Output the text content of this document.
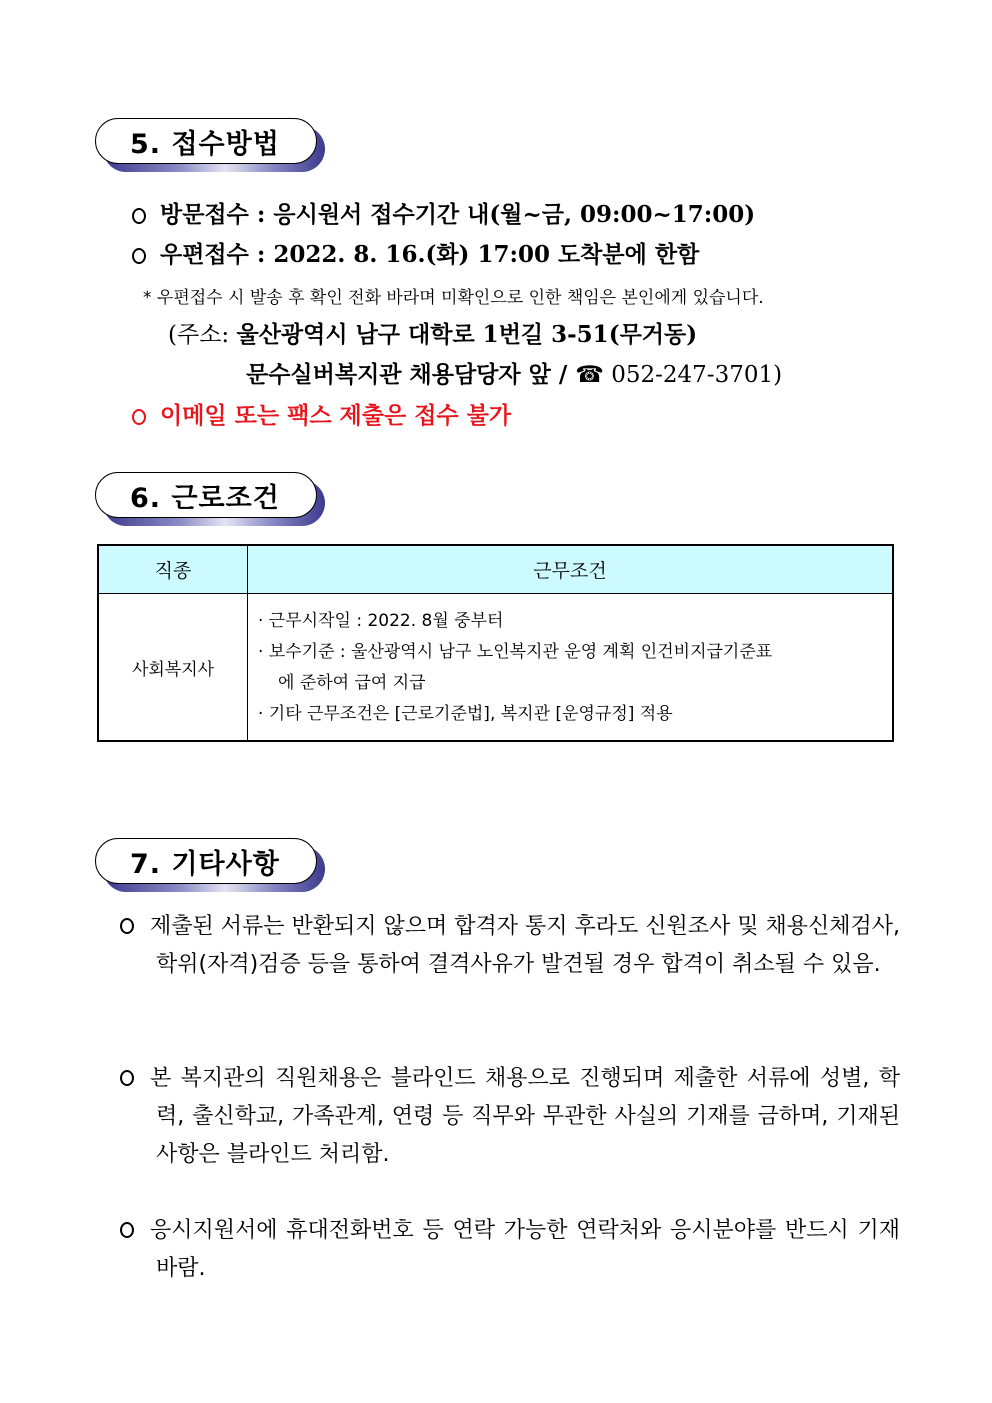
5. 접수방법
방문접수 : 응시원서 접수기간 내(월~금, 09:00~17:00)
우편접수 : 2022. 8. 16.(화) 17:00 도착분에 한함
* 우편접수 시 발송 후 확인 전화 바라며 미확인으로 인한 책임은 본인에게 있습니다.
(주소: 울산광역시 남구 대학로 1번길 3-51(무거동)
문수실버복지관 채용담당자 앞 / ☎ 052-247-3701)
이메일 또는 팩스 제출은 접수 불가
6. 근로조건
직종	근무조건
사회복지사	· 근무시작일 : 2022. 8월 중부터
· 보수기준 : 울산광역시 남구 노인복지관 운영 계획 인건비지급기준표
에 준하여 급여 지급
· 기타 근무조건은 [근로기준법], 복지관 [운영규정] 적용
7. 기타사항
제출된 서류는 반환되지 않으며 합격자 통지 후라도 신원조사 및 채용신체검사, 학위(자격)검증 등을 통하여 결격사유가 발견될 경우 합격이 취소될 수 있음.
본 복지관의 직원채용은 블라인드 채용으로 진행되며 제출한 서류에 성별, 학력, 출신학교, 가족관계, 연령 등 직무와 무관한 사실의 기재를 금하며, 기재된 사항은 블라인드 처리함.
응시지원서에 휴대전화번호 등 연락 가능한 연락처와 응시분야를 반드시 기재바람.
